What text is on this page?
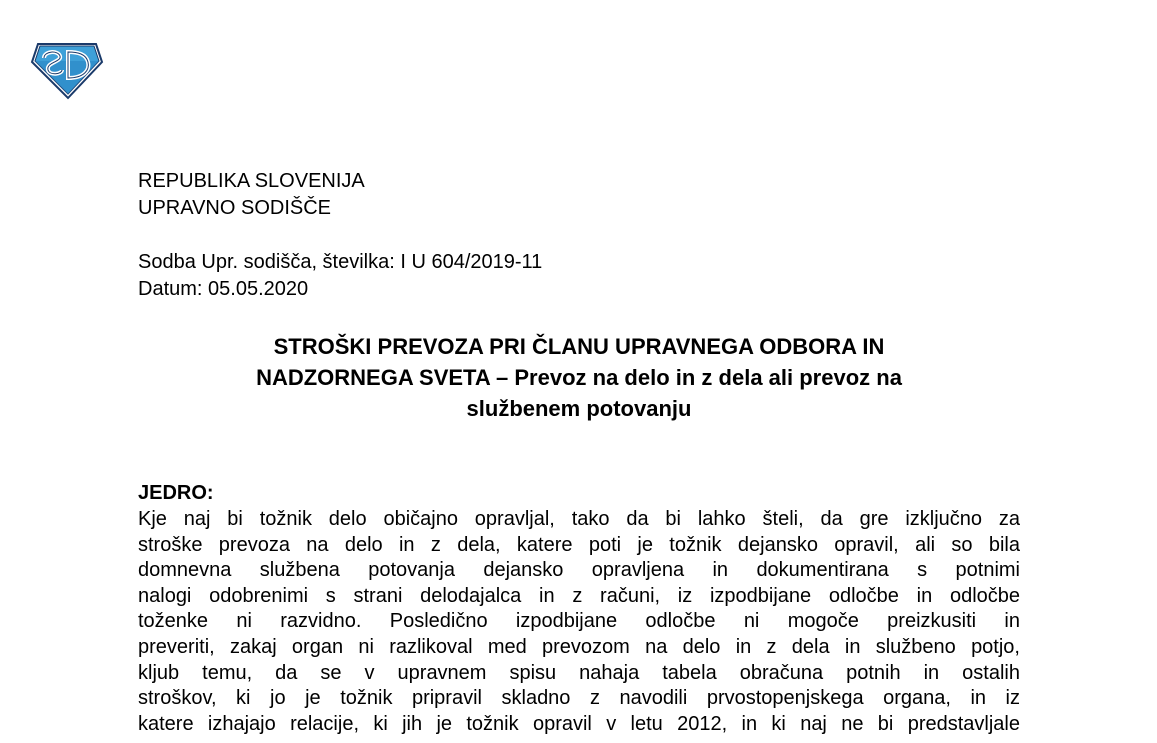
REPUBLIKA SLOVENIJA
UPRAVNO SODIŠČE
Sodba Upr. sodišča, številka: I U 604/2019-11
Datum: 05.05.2020
STROŠKI PREVOZA PRI ČLANU UPRAVNEGA ODBORA IN
NADZORNEGA SVETA – Prevoz na delo in z dela ali prevoz na
službenem potovanju
JEDRO:
Kje naj bi tožnik delo običajno opravljal, tako da bi lahko šteli, da gre izključno za
stroške prevoza na delo in z dela, katere poti je tožnik dejansko opravil, ali so bila
domnevna službena potovanja dejansko opravljena in dokumentirana s potnimi
nalogi odobrenimi s strani delodajalca in z računi, iz izpodbijane odločbe in odločbe
toženke ni razvidno. Posledično izpodbijane odločbe ni mogoče preizkusiti in
preveriti, zakaj organ ni razlikoval med prevozom na delo in z dela in službeno potjo,
kljub temu, da se v upravnem spisu nahaja tabela obračuna potnih in ostalih
stroškov, ki jo je tožnik pripravil skladno z navodili prvostopenjskega organa, in iz
katere izhajajo relacije, ki jih je tožnik opravil v letu 2012, in ki naj ne bi predstavljale
